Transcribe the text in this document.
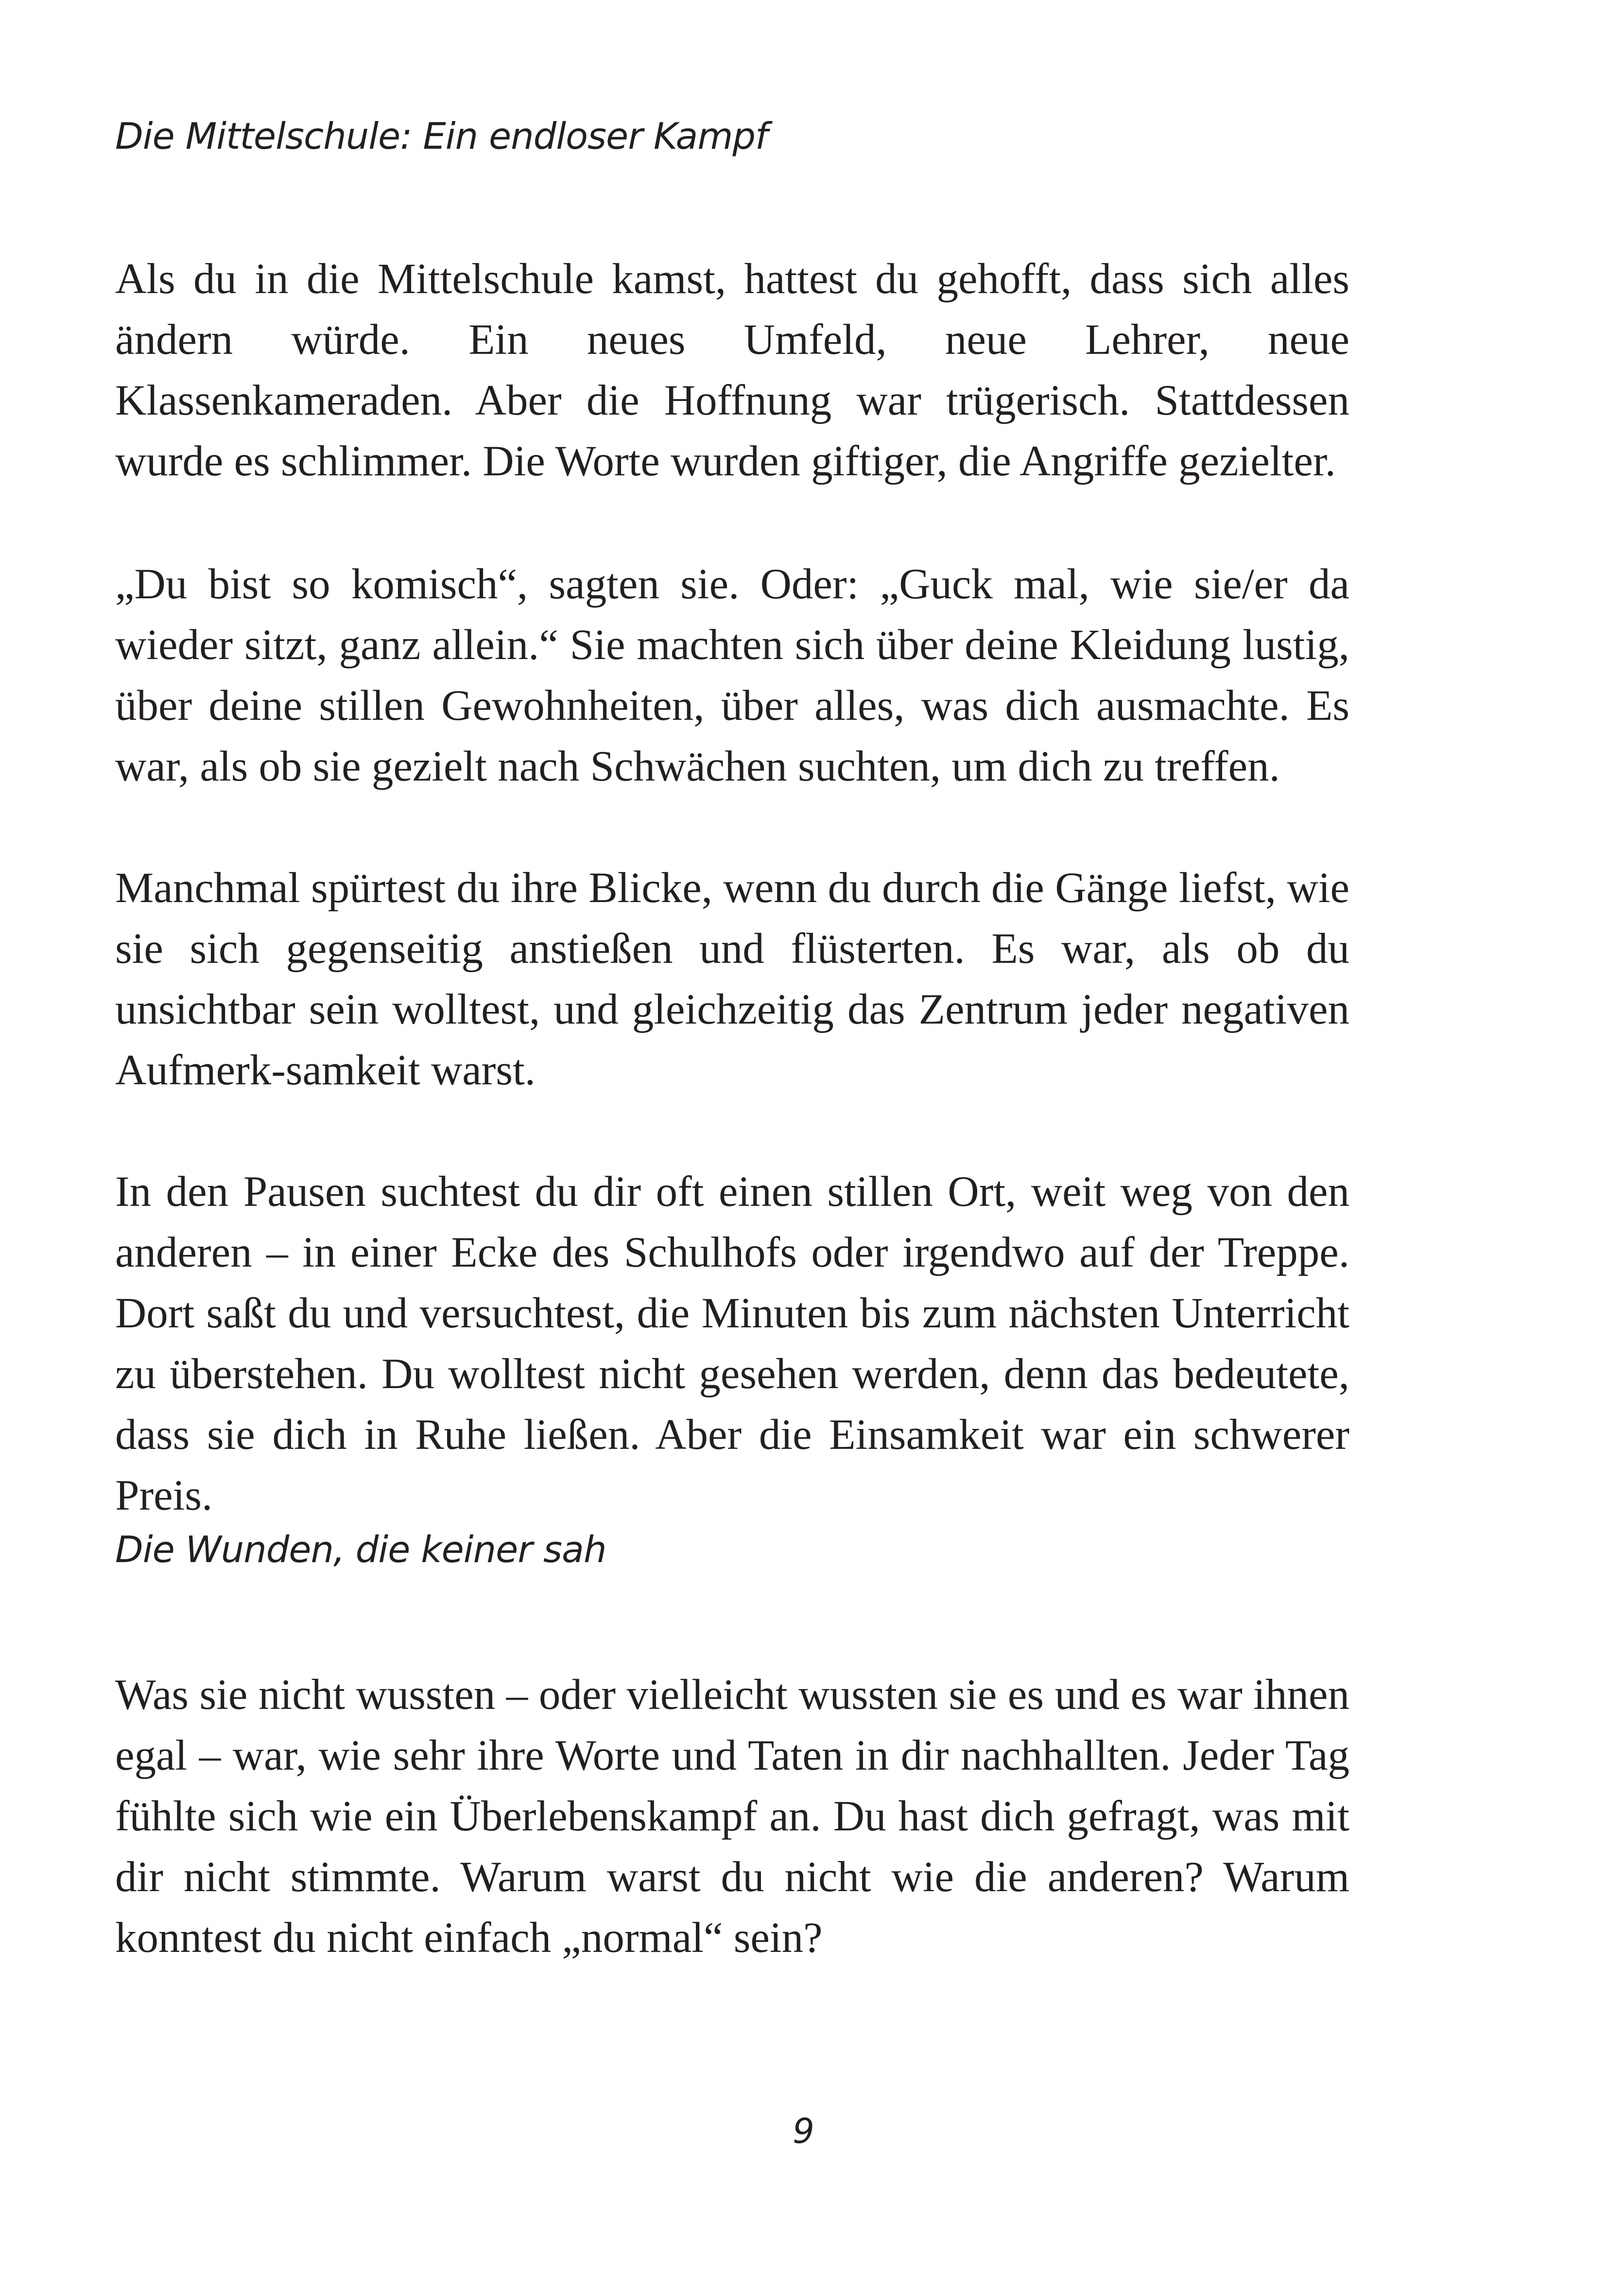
Die Mittelschule: Ein endloser Kampf

Als du in die Mittelschule kamst, hattest du gehofft, dass sich alles ändern würde. Ein neues Umfeld, neue Lehrer, neue Klassenkameraden. Aber die Hoffnung war trügerisch. Stattdessen wurde es schlimmer. Die Worte wurden giftiger, die Angriffe gezielter.

„Du bist so komisch“, sagten sie. Oder: „Guck mal, wie sie/er da wieder sitzt, ganz allein.“ Sie machten sich über deine Kleidung lustig, über deine stillen Gewohnheiten, über alles, was dich ausmachte. Es war, als ob sie gezielt nach Schwächen suchten, um dich zu treffen.

Manchmal spürtest du ihre Blicke, wenn du durch die Gänge liefst, wie sie sich gegenseitig anstießen und flüsterten. Es war, als ob du unsichtbar sein wolltest, und gleichzeitig das Zentrum jeder negativen Aufmerk-samkeit warst.

In den Pausen suchtest du dir oft einen stillen Ort, weit weg von den anderen – in einer Ecke des Schulhofs oder irgendwo auf der Treppe. Dort saßt du und versuchtest, die Minuten bis zum nächsten Unterricht zu überstehen. Du wolltest nicht gesehen werden, denn das bedeutete, dass sie dich in Ruhe ließen. Aber die Einsamkeit war ein schwerer Preis.

Die Wunden, die keiner sah

Was sie nicht wussten – oder vielleicht wussten sie es und es war ihnen egal – war, wie sehr ihre Worte und Taten in dir nachhallten. Jeder Tag fühlte sich wie ein Überlebenskampf an. Du hast dich gefragt, was mit dir nicht stimmte. Warum warst du nicht wie die anderen? Warum konntest du nicht einfach „normal“ sein?

9
